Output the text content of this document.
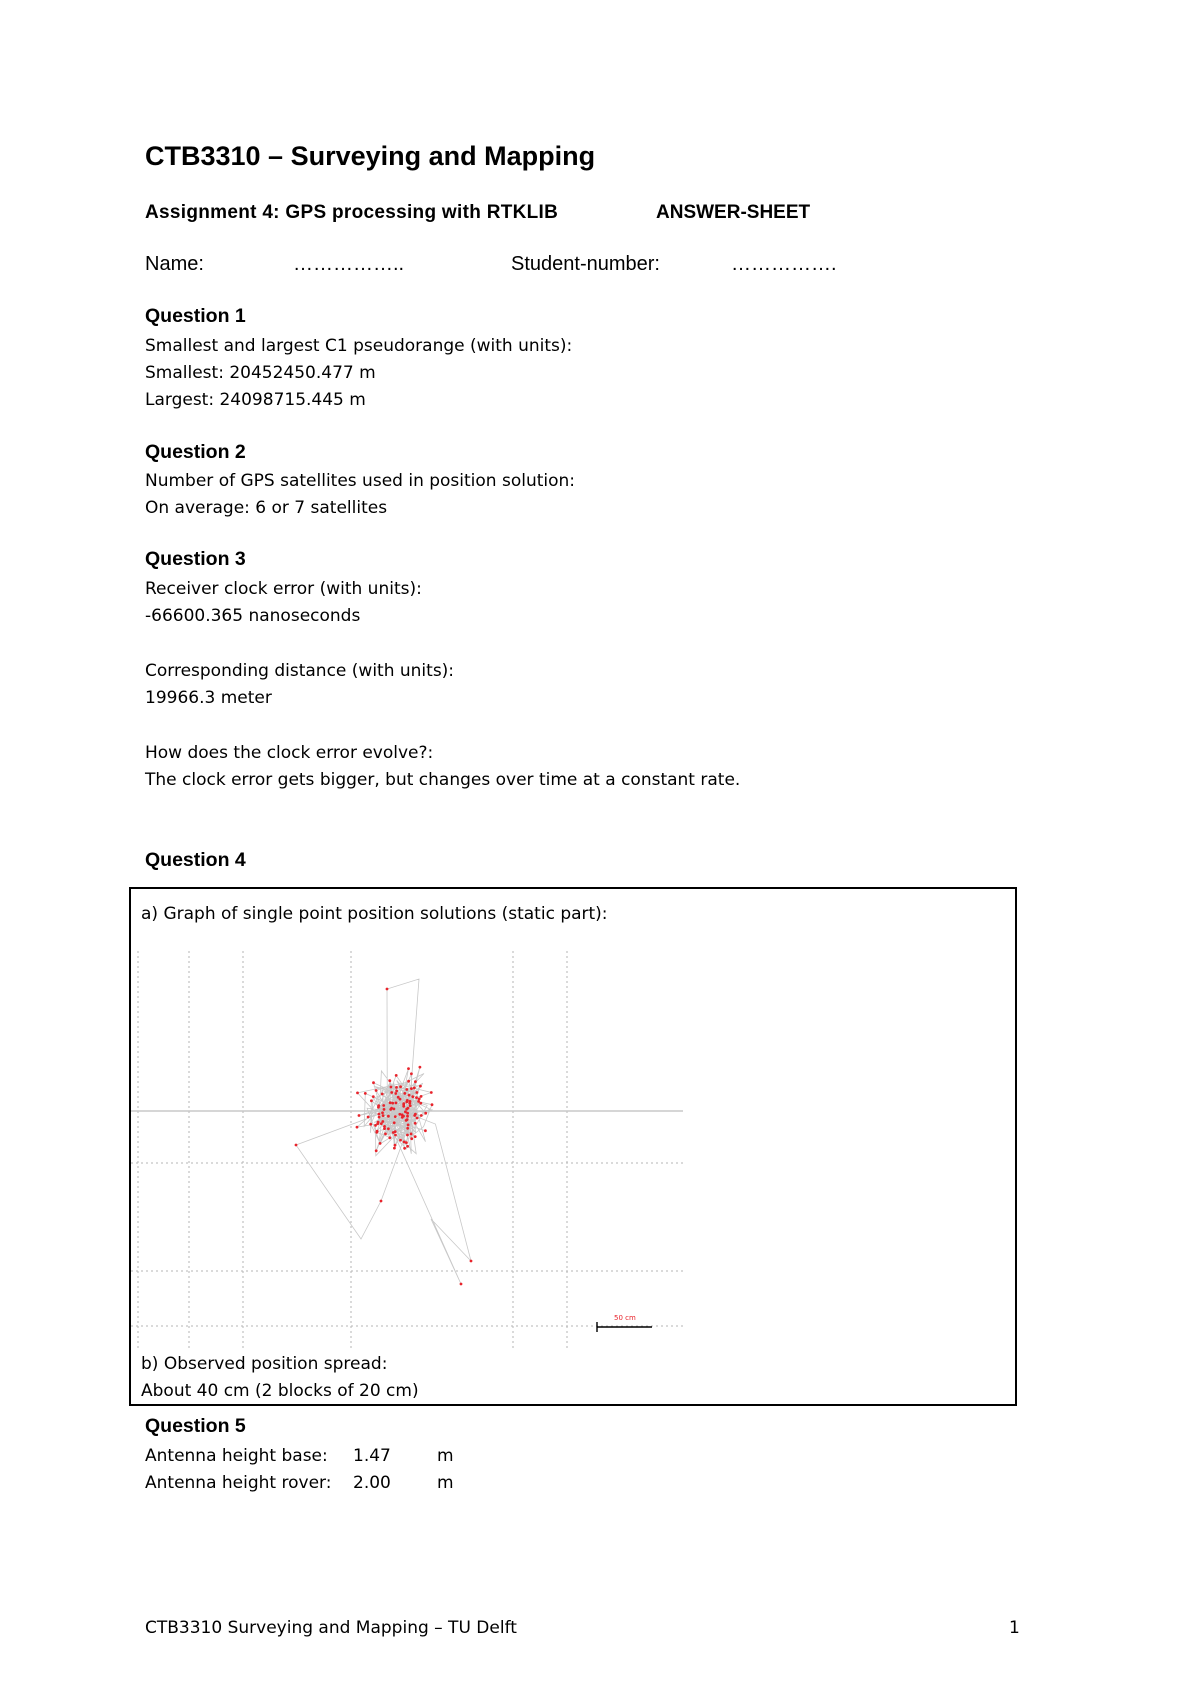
CTB3310 – Surveying and Mapping
Assignment 4: GPS processing with RTKLIB	ANSWER-SHEET
Name:	……………..	Student-number:	…………….
Question 1
Smallest and largest C1 pseudorange (with units):
Smallest: 20452450.477 m
Largest: 24098715.445 m
Question 2
Number of GPS satellites used in position solution:
On average: 6 or 7 satellites
Question 3
Receiver clock error (with units):
-66600.365 nanoseconds
Corresponding distance (with units):
19966.3 meter
How does the clock error evolve?:
The clock error gets bigger, but changes over time at a constant rate.
Question 4
a) Graph of single point position solutions (static part):
50 cm
b) Observed position spread:
About 40 cm (2 blocks of 20 cm)
Question 5
Antenna height base: 1.47	m
Antenna height rover: 2.00	m
CTB3310 Surveying and Mapping – TU Delft	1
